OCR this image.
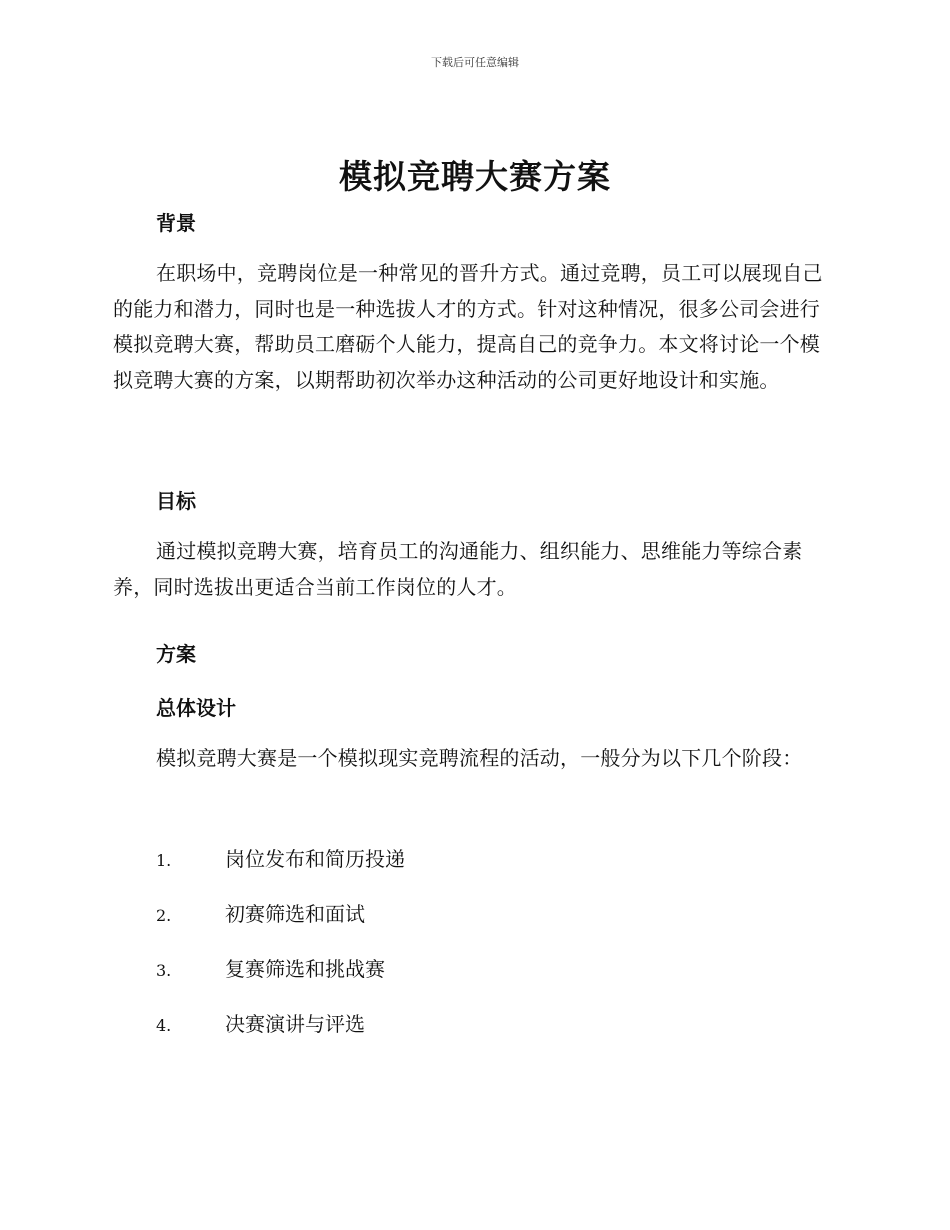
下载后可任意编辑
模拟竞聘大赛方案
背景

在职场中，竞聘岗位是一种常见的晋升方式。通过竞聘，员工可以展现自己的能力和潜力，同时也是一种选拔人才的方式。针对这种情况，很多公司会进行模拟竞聘大赛，帮助员工磨砺个人能力，提高自己的竞争力。本文将讨论一个模拟竞聘大赛的方案，以期帮助初次举办这种活动的公司更好地设计和实施。

目标

通过模拟竞聘大赛，培育员工的沟通能力、组织能力、思维能力等综合素养，同时选拔出更适合当前工作岗位的人才。

方案
总体设计

模拟竞聘大赛是一个模拟现实竞聘流程的活动，一般分为以下几个阶段：

1.	岗位发布和简历投递
2.	初赛筛选和面试
3.	复赛筛选和挑战赛
4.	决赛演讲与评选
